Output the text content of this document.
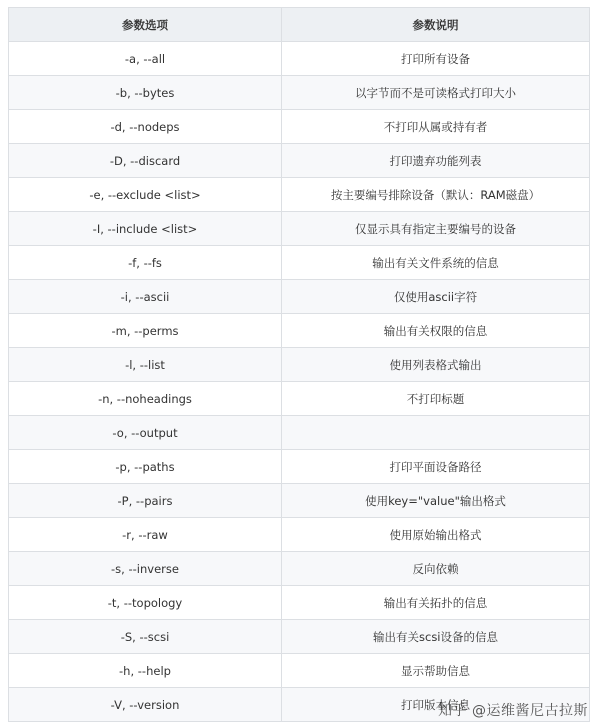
参数选项	参数说明
-a, --all	打印所有设备
-b, --bytes	以字节而不是可读格式打印大小
-d, --nodeps	不打印从属或持有者
-D, --discard	打印遗弃功能列表
-e, --exclude <list>	按主要编号排除设备（默认：RAM磁盘）
-I, --include <list>	仅显示具有指定主要编号的设备
-f, --fs	输出有关文件系统的信息
-i, --ascii	仅使用ascii字符
-m, --perms	输出有关权限的信息
-l, --list	使用列表格式输出
-n, --noheadings	不打印标题
-o, --output	
-p, --paths	打印平面设备路径
-P, --pairs	使用key="value"输出格式
-r, --raw	使用原始输出格式
-s, --inverse	反向依赖
-t, --topology	输出有关拓扑的信息
-S, --scsi	输出有关scsi设备的信息
-h, --help	显示帮助信息
-V, --version	打印版本信息
知乎 @运维酱尼古拉斯
